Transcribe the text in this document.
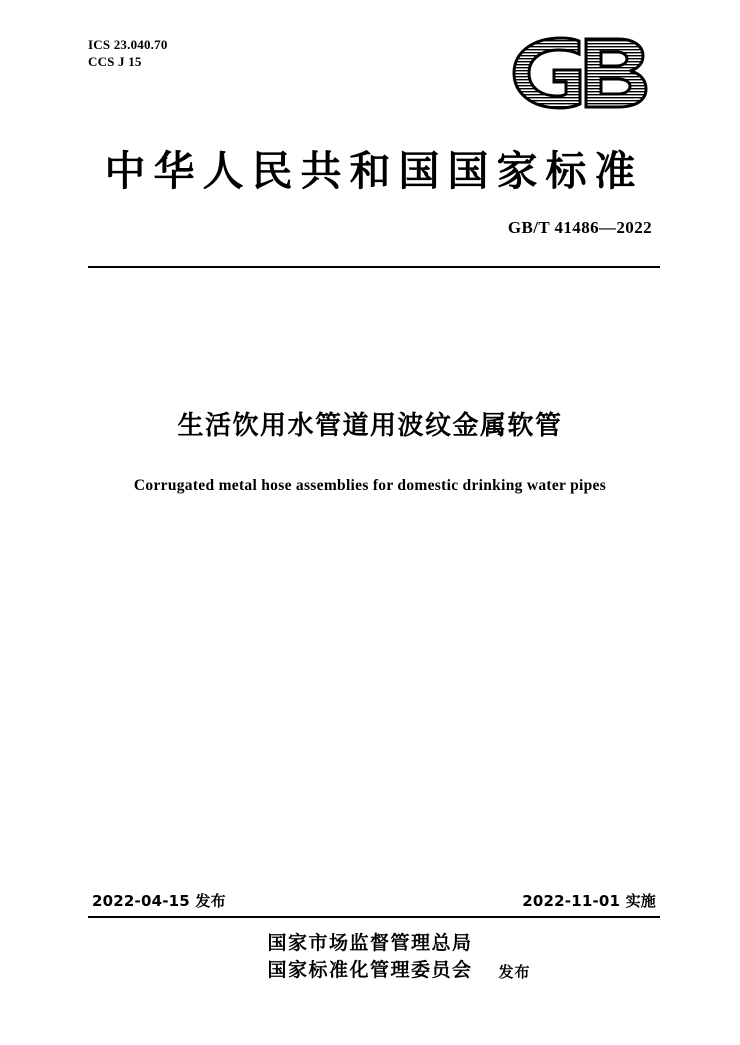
ICS 23.040.70
CCS J 15
中华人民共和国国家标准
GB/T 41486—2022
生活饮用水管道用波纹金属软管
Corrugated metal hose assemblies for domestic drinking water pipes
2022-04-15 发布	2022-11-01 实施
国家市场监督管理总局
国家标准化管理委员会 发布
